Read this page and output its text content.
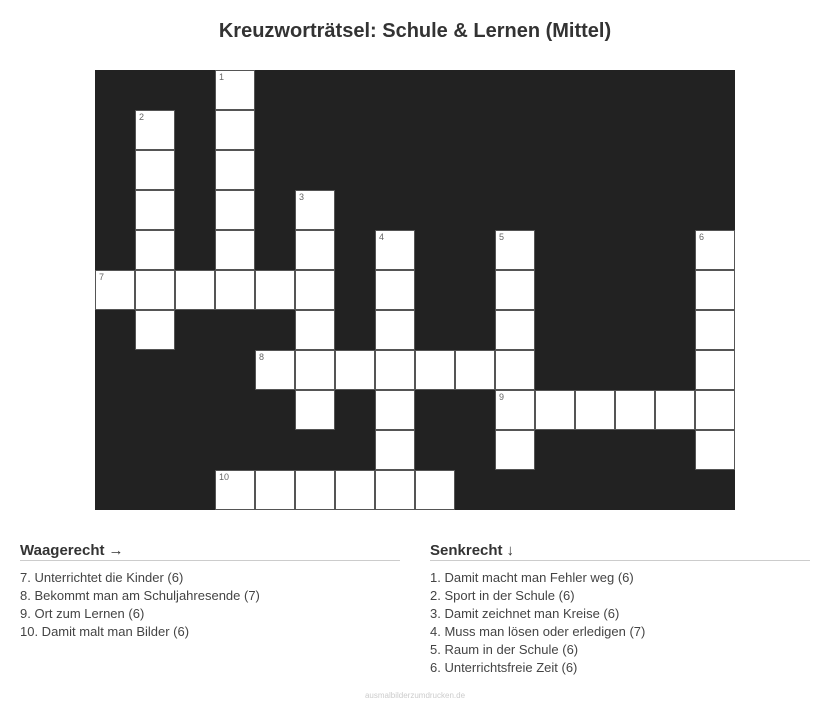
Kreuzworträtsel: Schule & Lernen (Mittel)
1
2
3
4	5	6
7
8
9
10
Waagerecht →
7. Unterrichtet die Kinder (6)
8. Bekommt man am Schuljahresende (7)
9. Ort zum Lernen (6)
10. Damit malt man Bilder (6)
Senkrecht ↓
1. Damit macht man Fehler weg (6)
2. Sport in der Schule (6)
3. Damit zeichnet man Kreise (6)
4. Muss man lösen oder erledigen (7)
5. Raum in der Schule (6)
6. Unterrichtsfreie Zeit (6)
ausmalbilderzumdrucken.de
